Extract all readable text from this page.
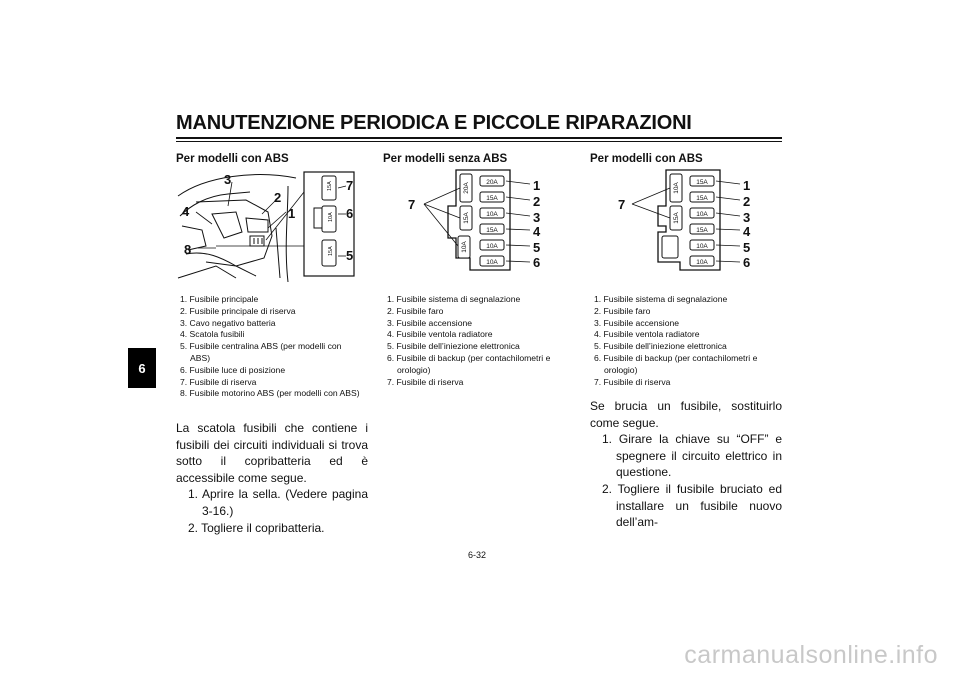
MANUTENZIONE PERIODICA E PICCOLE RIPARAZIONI
6
Per modelli con ABS
15A
10A
15A
1
2
3
4
5
6
7
8
1. Fusibile principale
2. Fusibile principale di riserva
3. Cavo negativo batteria
4. Scatola fusibili
5. Fusibile centralina ABS (per modelli con ABS)
6. Fusibile luce di posizione
7. Fusibile di riserva
8. Fusibile motorino ABS (per modelli con ABS)

La scatola fusibili che contiene i fusibili dei circuiti individuali si trova sotto il copribatteria ed è accessibile come segue.

1. Aprire la sella. (Vedere pagina 3-16.)

2. Togliere il copribatteria.

Per modelli senza ABS
20A
15A
10A
15A
10A
10A
20A
15A
10A
1
2
3
4
5
6
7
1. Fusibile sistema di segnalazione
2. Fusibile faro
3. Fusibile accensione
4. Fusibile ventola radiatore
5. Fusibile dell’iniezione elettronica
6. Fusibile di backup (per contachilometri e orologio)
7. Fusibile di riserva
Per modelli con ABS
15A
15A
10A
15A
10A
10A
10A
15A
1
2
3
4
5
6
7
1. Fusibile sistema di segnalazione
2. Fusibile faro
3. Fusibile accensione
4. Fusibile ventola radiatore
5. Fusibile dell’iniezione elettronica
6. Fusibile di backup (per contachilometri e orologio)
7. Fusibile di riserva

Se brucia un fusibile, sostituirlo come segue.

1. Girare la chiave su “OFF” e spegnere il circuito elettrico in questione.

2. Togliere il fusibile bruciato ed installare un fusibile nuovo dell’am-

6-32
carmanualsonline.info
